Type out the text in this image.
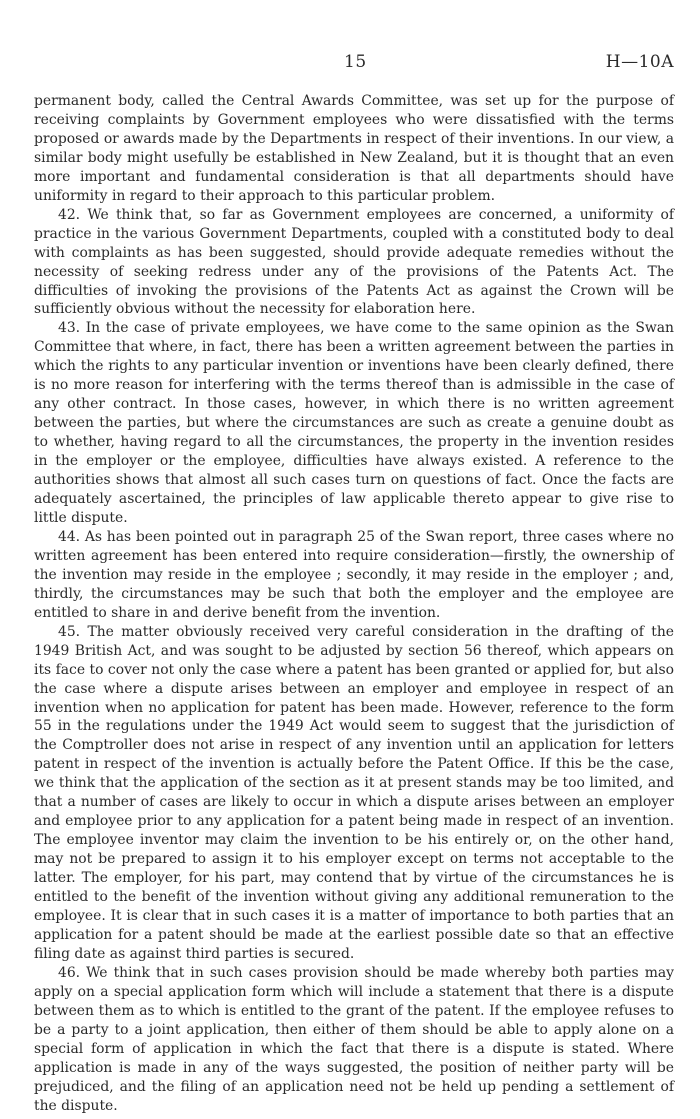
15	H—10A

permanent body, called the Central Awards Committee, was set up for the purpose of receiving complaints by Government employees who were dissatisfied with the terms proposed or awards made by the Departments in respect of their inventions. In our view, a similar body might usefully be established in New Zealand, but it is thought that an even more important and fundamental consideration is that all departments should have uniformity in regard to their approach to this particular problem.

42. We think that, so far as Government employees are concerned, a uniformity of practice in the various Government Departments, coupled with a constituted body to deal with complaints as has been suggested, should provide adequate remedies without the necessity of seeking redress under any of the provisions of the Patents Act. The difficulties of invoking the provisions of the Patents Act as against the Crown will be sufficiently obvious without the necessity for elaboration here.

43. In the case of private employees, we have come to the same opinion as the Swan Committee that where, in fact, there has been a written agreement between the parties in which the rights to any particular invention or inventions have been clearly defined, there is no more reason for interfering with the terms thereof than is admissible in the case of any other contract. In those cases, however, in which there is no written agreement between the parties, but where the circumstances are such as create a genuine doubt as to whether, having regard to all the circumstances, the property in the invention resides in the employer or the employee, difficulties have always existed. A reference to the authorities shows that almost all such cases turn on questions of fact. Once the facts are adequately ascertained, the principles of law applicable thereto appear to give rise to little dispute.

44. As has been pointed out in paragraph 25 of the Swan report, three cases where no written agreement has been entered into require consideration—firstly, the ownership of the invention may reside in the employee ; secondly, it may reside in the employer ; and, thirdly, the circumstances may be such that both the employer and the employee are entitled to share in and derive benefit from the invention.

45. The matter obviously received very careful consideration in the drafting of the 1949 British Act, and was sought to be adjusted by section 56 thereof, which appears on its face to cover not only the case where a patent has been granted or applied for, but also the case where a dispute arises between an employer and employee in respect of an invention when no application for patent has been made. However, reference to the form 55 in the regulations under the 1949 Act would seem to suggest that the jurisdiction of the Comptroller does not arise in respect of any invention until an application for letters patent in respect of the invention is actually before the Patent Office. If this be the case, we think that the application of the section as it at present stands may be too limited, and that a number of cases are likely to occur in which a dispute arises between an employer and employee prior to any application for a patent being made in respect of an invention. The employee inventor may claim the invention to be his entirely or, on the other hand, may not be prepared to assign it to his employer except on terms not acceptable to the latter. The employer, for his part, may contend that by virtue of the circumstances he is entitled to the benefit of the invention without giving any additional remuneration to the employee. It is clear that in such cases it is a matter of importance to both parties that an application for a patent should be made at the earliest possible date so that an effective filing date as against third parties is secured.

46. We think that in such cases provision should be made whereby both parties may apply on a special application form which will include a statement that there is a dispute between them as to which is entitled to the grant of the patent. If the employee refuses to be a party to a joint application, then either of them should be able to apply alone on a special form of application in which the fact that there is a dispute is stated. Where application is made in any of the ways suggested, the position of neither party will be prejudiced, and the filing of an application need not be held up pending a settlement of the dispute.
